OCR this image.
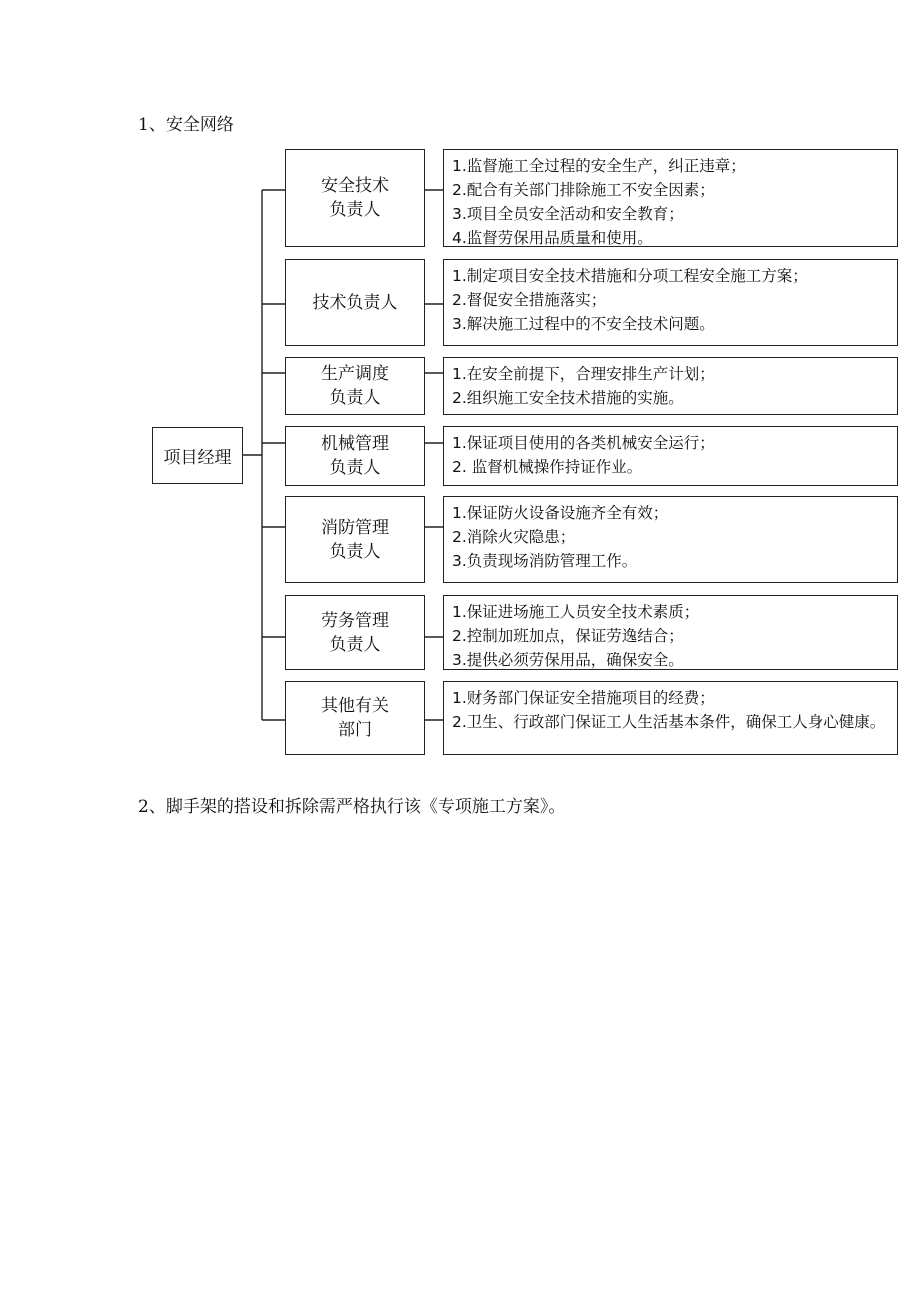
1、安全网络
项目经理
安全技术
负责人
1.监督施工全过程的安全生产，纠正违章；
2.配合有关部门排除施工不安全因素；
3.项目全员安全活动和安全教育；
4.监督劳保用品质量和使用。
技术负责人
1.制定项目安全技术措施和分项工程安全施工方案；
2.督促安全措施落实；
3.解决施工过程中的不安全技术问题。
生产调度
负责人
1.在安全前提下，合理安排生产计划；
2.组织施工安全技术措施的实施。
机械管理
负责人
1.保证项目使用的各类机械安全运行；
2. 监督机械操作持证作业。
消防管理
负责人
1.保证防火设备设施齐全有效；
2.消除火灾隐患；
3.负责现场消防管理工作。
劳务管理
负责人
1.保证进场施工人员安全技术素质；
2.控制加班加点，保证劳逸结合；
3.提供必须劳保用品，确保安全。
其他有关
部门
1.财务部门保证安全措施项目的经费；
2.卫生、行政部门保证工人生活基本条件，确保工人身心健康。
2、脚手架的搭设和拆除需严格执行该《专项施工方案》。
